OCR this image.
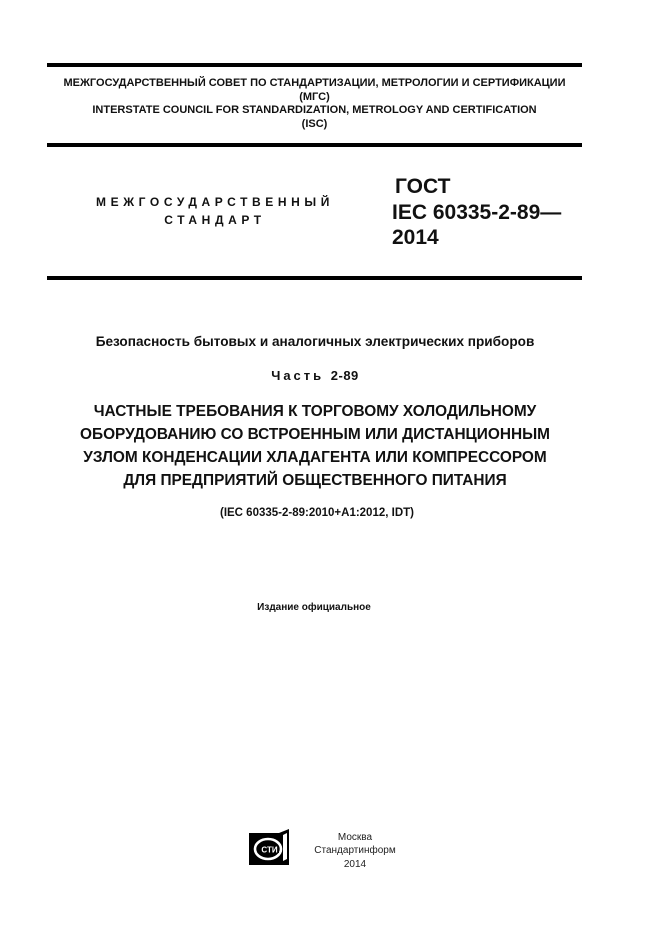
МЕЖГОСУДАРСТВЕННЫЙ СОВЕТ ПО СТАНДАРТИЗАЦИИ, МЕТРОЛОГИИ И СЕРТИФИКАЦИИ
(МГС)
INTERSTATE COUNCIL FOR STANDARDIZATION, METROLOGY AND CERTIFICATION
(ISC)
МЕЖГОСУДАРСТВЕННЫЙ
СТАНДАРТ
ГОСТ
IEC 60335-2-89—
2014
Безопасность бытовых и аналогичных электрических приборов
Часть 2-89
ЧАСТНЫЕ ТРЕБОВАНИЯ К ТОРГОВОМУ ХОЛОДИЛЬНОМУ
ОБОРУДОВАНИЮ СО ВСТРОЕННЫМ ИЛИ ДИСТАНЦИОННЫМ
УЗЛОМ КОНДЕНСАЦИИ ХЛАДАГЕНТА ИЛИ КОМПРЕССОРОМ
ДЛЯ ПРЕДПРИЯТИЙ ОБЩЕСТВЕННОГО ПИТАНИЯ
(IEC 60335-2-89:2010+A1:2012, IDT)
Издание официальное
СТИ
Москва
Стандартинформ
2014
